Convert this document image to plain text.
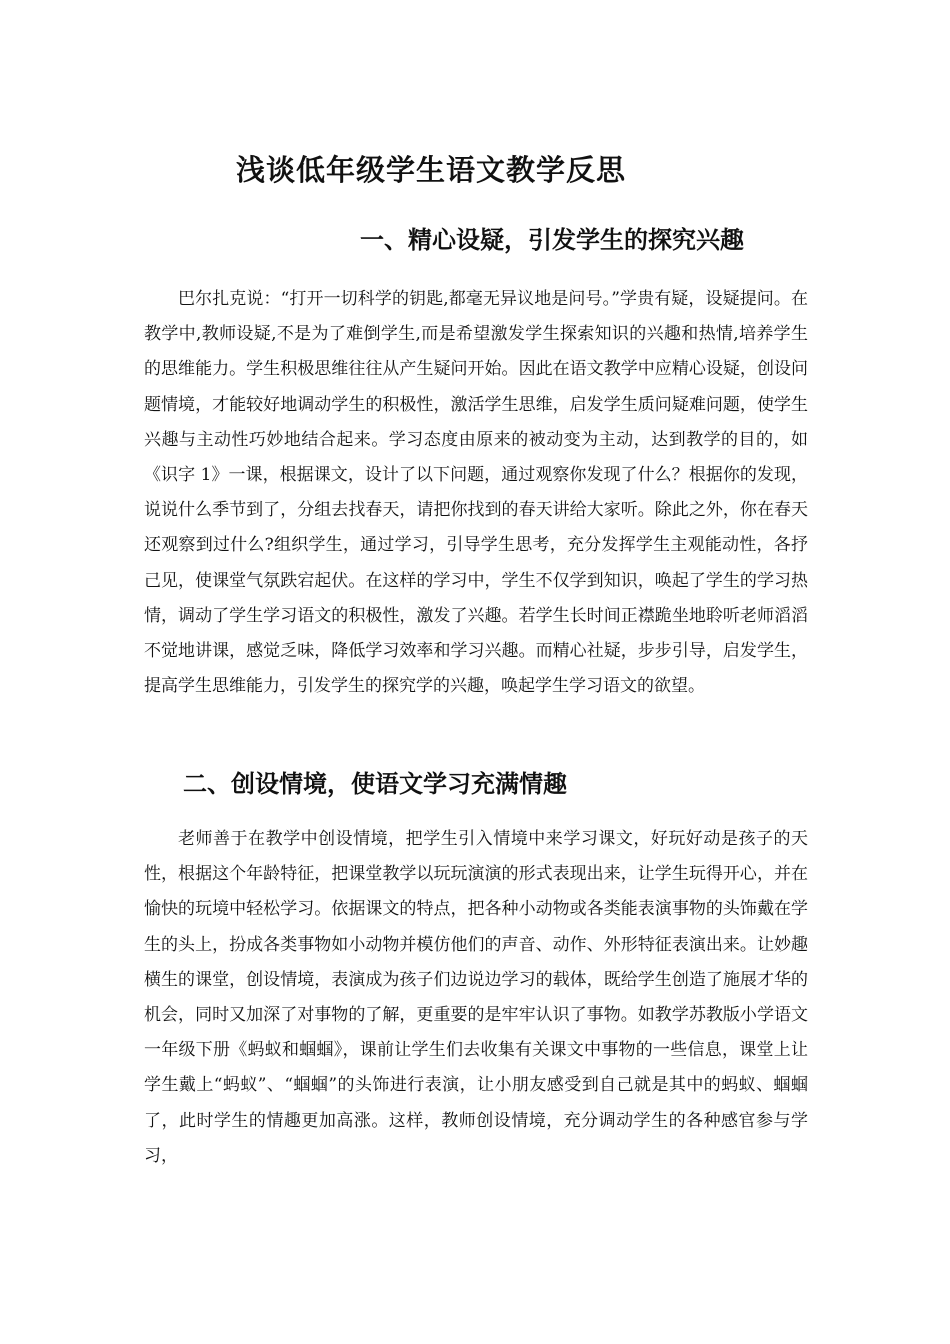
浅谈低年级学生语文教学反思
一、精心设疑，引发学生的探究兴趣

巴尔扎克说：“打开一切科学的钥匙,都毫无异议地是问号。”学贵有疑，设疑提问。在教学中,教师设疑,不是为了难倒学生,而是希望激发学生探索知识的兴趣和热情,培养学生的思维能力。学生积极思维往往从产生疑问开始。因此在语文教学中应精心设疑，创设问题情境，才能较好地调动学生的积极性，激活学生思维，启发学生质问疑难问题，使学生兴趣与主动性巧妙地结合起来。学习态度由原来的被动变为主动，达到教学的目的，如《识字 1》一课，根据课文，设计了以下问题，通过观察你发现了什么？根据你的发现，说说什么季节到了，分组去找春天，请把你找到的春天讲给大家听。除此之外，你在春天还观察到过什么?组织学生，通过学习，引导学生思考，充分发挥学生主观能动性，各抒己见，使课堂气氛跌宕起伏。在这样的学习中，学生不仅学到知识，唤起了学生的学习热情，调动了学生学习语文的积极性，激发了兴趣。若学生长时间正襟跪坐地聆听老师滔滔不觉地讲课，感觉乏味，降低学习效率和学习兴趣。而精心社疑，步步引导，启发学生，提高学生思维能力，引发学生的探究学的兴趣，唤起学生学习语文的欲望。

二、创设情境，使语文学习充满情趣

老师善于在教学中创设情境，把学生引入情境中来学习课文，好玩好动是孩子的天性，根据这个年龄特征，把课堂教学以玩玩演演的形式表现出来，让学生玩得开心，并在愉快的玩境中轻松学习。依据课文的特点，把各种小动物或各类能表演事物的头饰戴在学生的头上，扮成各类事物如小动物并模仿他们的声音、动作、外形特征表演出来。让妙趣横生的课堂，创设情境，表演成为孩子们边说边学习的载体，既给学生创造了施展才华的机会，同时又加深了对事物的了解，更重要的是牢牢认识了事物。如教学苏教版小学语文一年级下册《蚂蚁和蝈蝈》，课前让学生们去收集有关课文中事物的一些信息，课堂上让学生戴上“蚂蚁”、“蝈蝈”的头饰进行表演，让小朋友感受到自己就是其中的蚂蚁、蝈蝈了，此时学生的情趣更加高涨。这样，教师创设情境，充分调动学生的各种感官参与学习，
